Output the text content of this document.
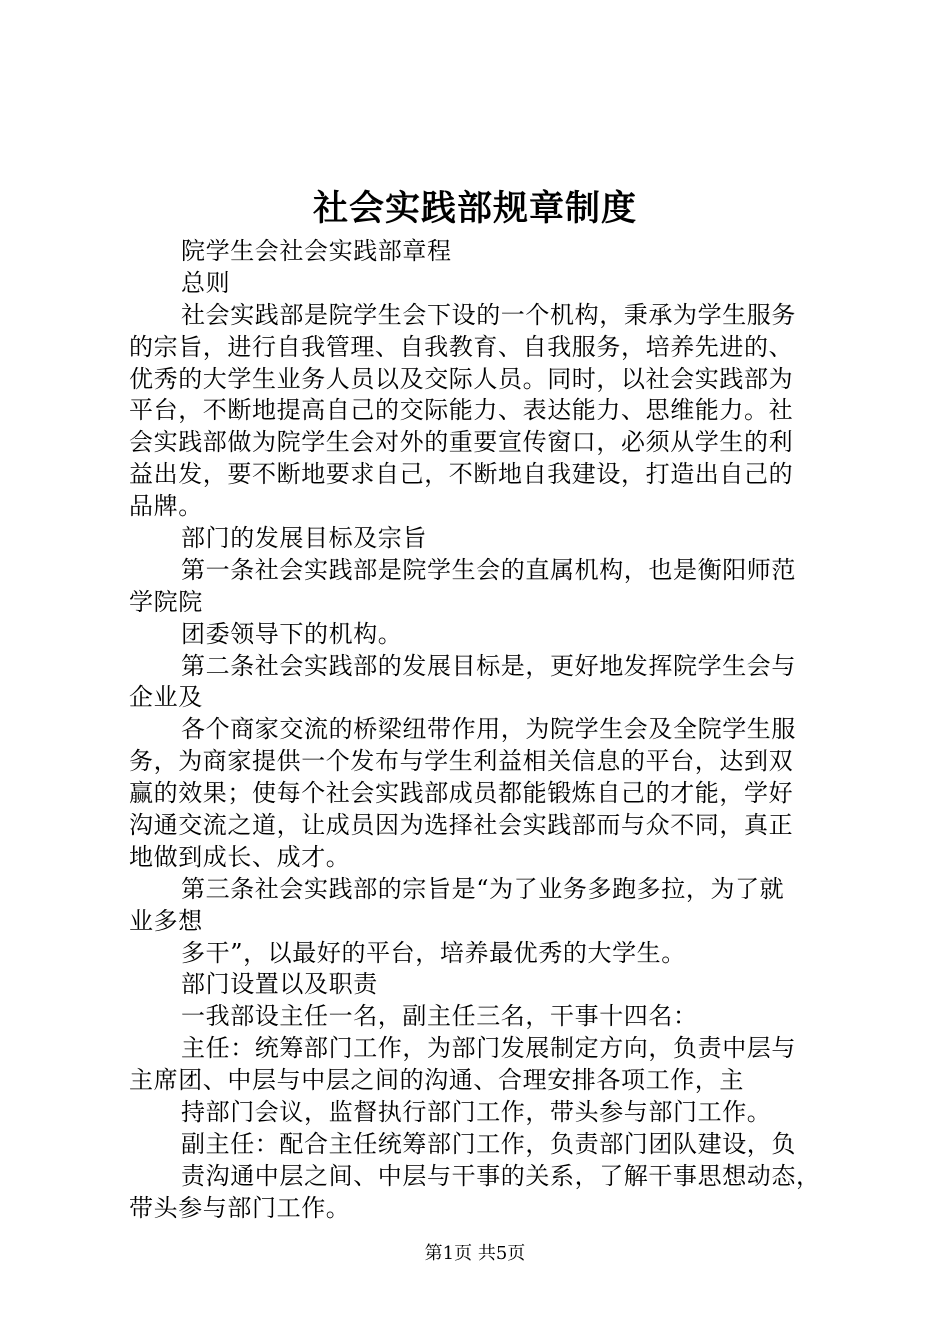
社会实践部规章制度
院学生会社会实践部章程
总则
社会实践部是院学生会下设的一个机构，秉承为学生服务
的宗旨，进行自我管理、自我教育、自我服务，培养先进的、
优秀的大学生业务人员以及交际人员。同时，以社会实践部为
平台，不断地提高自己的交际能力、表达能力、思维能力。社
会实践部做为院学生会对外的重要宣传窗口，必须从学生的利
益出发，要不断地要求自己，不断地自我建设，打造出自己的
品牌。
部门的发展目标及宗旨
第一条社会实践部是院学生会的直属机构，也是衡阳师范
学院院
团委领导下的机构。
第二条社会实践部的发展目标是，更好地发挥院学生会与
企业及
各个商家交流的桥梁纽带作用，为院学生会及全院学生服
务，为商家提供一个发布与学生利益相关信息的平台，达到双
赢的效果；使每个社会实践部成员都能锻炼自己的才能，学好
沟通交流之道，让成员因为选择社会实践部而与众不同，真正
地做到成长、成才。
第三条社会实践部的宗旨是“为了业务多跑多拉，为了就
业多想
多干”，以最好的平台，培养最优秀的大学生。
部门设置以及职责
一我部设主任一名，副主任三名，干事十四名：
主任：统筹部门工作，为部门发展制定方向，负责中层与
主席团、中层与中层之间的沟通、合理安排各项工作，主
持部门会议，监督执行部门工作，带头参与部门工作。
副主任：配合主任统筹部门工作，负责部门团队建设，负
责沟通中层之间、中层与干事的关系，了解干事思想动态，
带头参与部门工作。
第1页 共5页
